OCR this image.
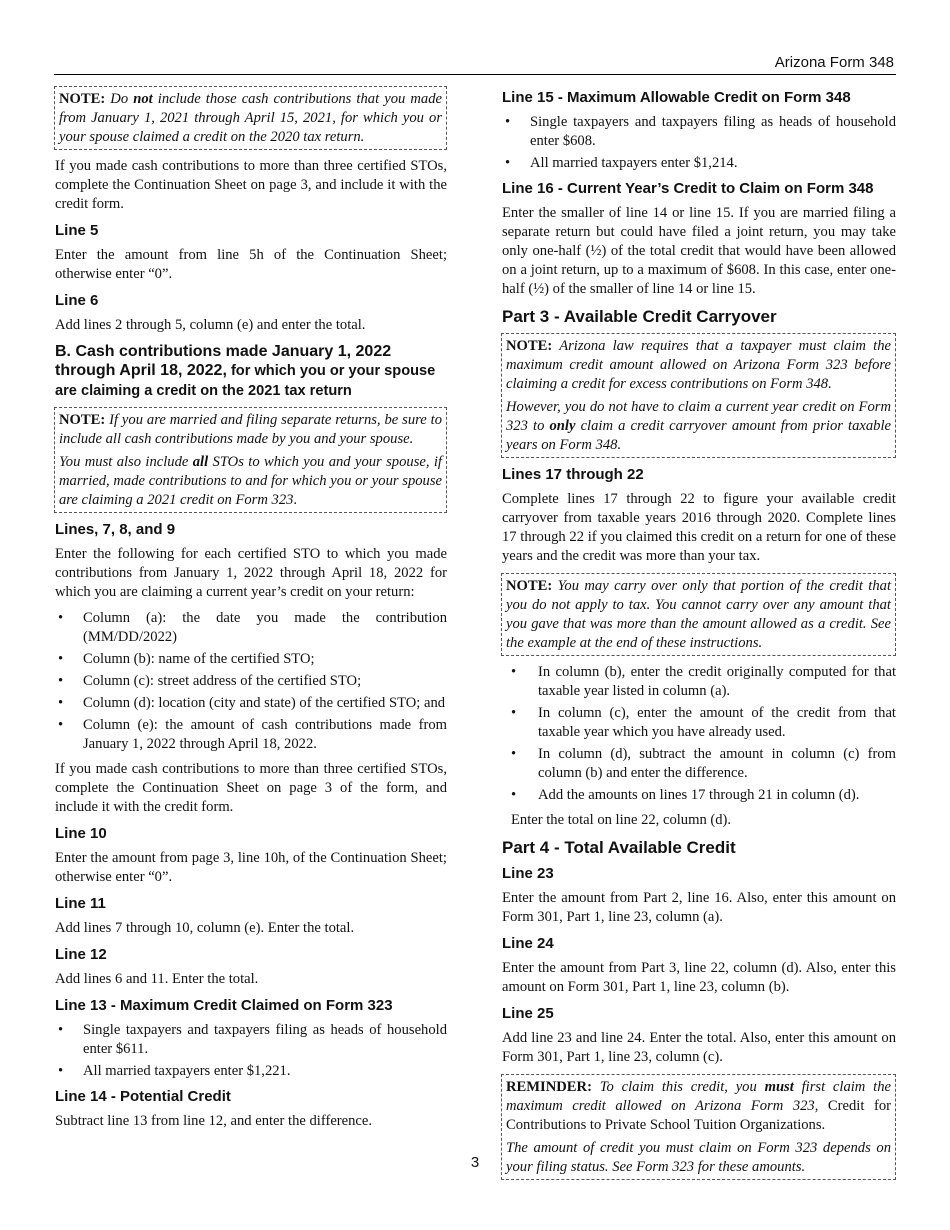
Arizona Form 348

NOTE: Do not include those cash contributions that you made from January 1, 2021 through April 15, 2021, for which you or your spouse claimed a credit on the 2020 tax return.

If you made cash contributions to more than three certified STOs, complete the Continuation Sheet on page 3, and include it with the credit form.

Line 5

Enter the amount from line 5h of the Continuation Sheet; otherwise enter “0”.

Line 6

Add lines 2 through 5, column (e) and enter the total.

B. Cash contributions made January 1, 2022 through April 18, 2022, for which you or your spouse are claiming a credit on the 2021 tax return

NOTE: If you are married and filing separate returns, be sure to include all cash contributions made by you and your spouse.

You must also include all STOs to which you and your spouse, if married, made contributions to and for which you or your spouse are claiming a 2021 credit on Form 323.

Lines, 7, 8, and 9

Enter the following for each certified STO to which you made contributions from January 1, 2022 through April 18, 2022 for which you are claiming a current year’s credit on your return:

• Column (a): the date you made the contribution (MM/DD/2022)
• Column (b): name of the certified STO;
• Column (c): street address of the certified STO;
• Column (d): location (city and state) of the certified STO; and
• Column (e): the amount of cash contributions made from January 1, 2022 through April 18, 2022.

If you made cash contributions to more than three certified STOs, complete the Continuation Sheet on page 3 of the form, and include it with the credit form.

Line 10

Enter the amount from page 3, line 10h, of the Continuation Sheet; otherwise enter “0”.

Line 11

Add lines 7 through 10, column (e). Enter the total.

Line 12

Add lines 6 and 11. Enter the total.

Line 13 - Maximum Credit Claimed on Form 323
• Single taxpayers and taxpayers filing as heads of household enter $611.
• All married taxpayers enter $1,221.
Line 14 - Potential Credit

Subtract line 13 from line 12, and enter the difference.

Line 15 - Maximum Allowable Credit on Form 348
• Single taxpayers and taxpayers filing as heads of household enter $608.
• All married taxpayers enter $1,214.
Line 16 - Current Year’s Credit to Claim on Form 348

Enter the smaller of line 14 or line 15. If you are married filing a separate return but could have filed a joint return, you may take only one-half (½) of the total credit that would have been allowed on a joint return, up to a maximum of $608. In this case, enter one-half (½) of the smaller of line 14 or line 15.

Part 3 - Available Credit Carryover

NOTE: Arizona law requires that a taxpayer must claim the maximum credit amount allowed on Arizona Form 323 before claiming a credit for excess contributions on Form 348.

However, you do not have to claim a current year credit on Form 323 to only claim a credit carryover amount from prior taxable years on Form 348.

Lines 17 through 22

Complete lines 17 through 22 to figure your available credit carryover from taxable years 2016 through 2020. Complete lines 17 through 22 if you claimed this credit on a return for one of these years and the credit was more than your tax.

NOTE: You may carry over only that portion of the credit that you do not apply to tax. You cannot carry over any amount that you gave that was more than the amount allowed as a credit. See the example at the end of these instructions.

• In column (b), enter the credit originally computed for that taxable year listed in column (a).
• In column (c), enter the amount of the credit from that taxable year which you have already used.
• In column (d), subtract the amount in column (c) from column (b) and enter the difference.
• Add the amounts on lines 17 through 21 in column (d).

Enter the total on line 22, column (d).

Part 4 - Total Available Credit
Line 23

Enter the amount from Part 2, line 16. Also, enter this amount on Form 301, Part 1, line 23, column (a).

Line 24

Enter the amount from Part 3, line 22, column (d). Also, enter this amount on Form 301, Part 1, line 23, column (b).

Line 25

Add line 23 and line 24. Enter the total. Also, enter this amount on Form 301, Part 1, line 23, column (c).

REMINDER: To claim this credit, you must first claim the maximum credit allowed on Arizona Form 323, Credit for Contributions to Private School Tuition Organizations.

The amount of credit you must claim on Form 323 depends on your filing status. See Form 323 for these amounts.

3
